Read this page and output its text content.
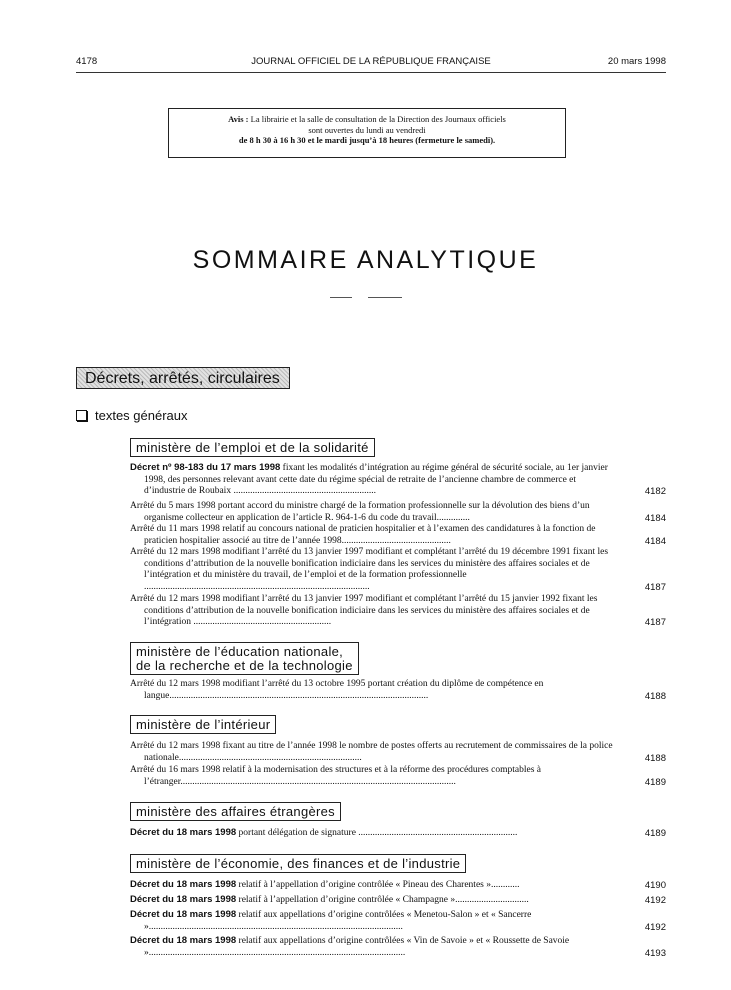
4178	JOURNAL OFFICIEL DE LA RÉPUBLIQUE FRANÇAISE	20 mars 1998
Avis : La librairie et la salle de consultation de la Direction des Journaux officiels
sont ouvertes du lundi au vendredi
de 8 h 30 à 16 h 30 et le mardi jusqu’à 18 heures (fermeture le samedi).
SOMMAIRE ANALYTIQUE
Décrets, arrêtés, circulaires
textes généraux
ministère de l’emploi et de la solidarité
Décret nº 98-183 du 17 mars 1998 fixant les modalités d’intégration au régime général de sécurité sociale, au 1er janvier 1998, des personnes relevant avant cette date du régime spécial de retraite de l’ancienne chambre de commerce et d’industrie de Roubaix ............................................................	4182
Arrêté du 5 mars 1998 portant accord du ministre chargé de la formation professionnelle sur la dévolution des biens d’un organisme collecteur en application de l’article R. 964-1-6 du code du travail..............	4184
Arrêté du 11 mars 1998 relatif au concours national de praticien hospitalier et à l’examen des candidatures à la fonction de praticien hospitalier associé au titre de l’année 1998..............................................	4184
Arrêté du 12 mars 1998 modifiant l’arrêté du 13 janvier 1997 modifiant et complétant l’arrêté du 19 décembre 1991 fixant les conditions d’attribution de la nouvelle bonification indiciaire dans les services du ministère des affaires sociales et de l’intégration et du ministère du travail, de l’emploi et de la formation professionnelle ...............................................................................................	4187
Arrêté du 12 mars 1998 modifiant l’arrêté du 13 janvier 1997 modifiant et complétant l’arrêté du 15 janvier 1992 fixant les conditions d’attribution de la nouvelle bonification indiciaire dans les services du ministère des affaires sociales et de l’intégration ..........................................................	4187
ministère de l’éducation nationale,
de la recherche et de la technologie
Arrêté du 12 mars 1998 modifiant l’arrêté du 13 octobre 1995 portant création du diplôme de compétence en langue.............................................................................................................	4188
ministère de l’intérieur
Arrêté du 12 mars 1998 fixant au titre de l’année 1998 le nombre de postes offerts au recrutement de commissaires de la police nationale.............................................................................	4188
Arrêté du 16 mars 1998 relatif à la modernisation des structures et à la réforme des procédures comptables à l’étranger....................................................................................................................	4189
ministère des affaires étrangères
Décret du 18 mars 1998 portant délégation de signature ...................................................................	4189
ministère de l’économie, des finances et de l’industrie
Décret du 18 mars 1998 relatif à l’appellation d’origine contrôlée « Pineau des Charentes »............	4190
Décret du 18 mars 1998 relatif à l’appellation d’origine contrôlée « Champagne »...............................	4192
Décret du 18 mars 1998 relatif aux appellations d’origine contrôlées « Menetou-Salon » et « Sancerre »...........................................................................................................	4192
Décret du 18 mars 1998 relatif aux appellations d’origine contrôlées « Vin de Savoie » et « Roussette de Savoie »............................................................................................................	4193
